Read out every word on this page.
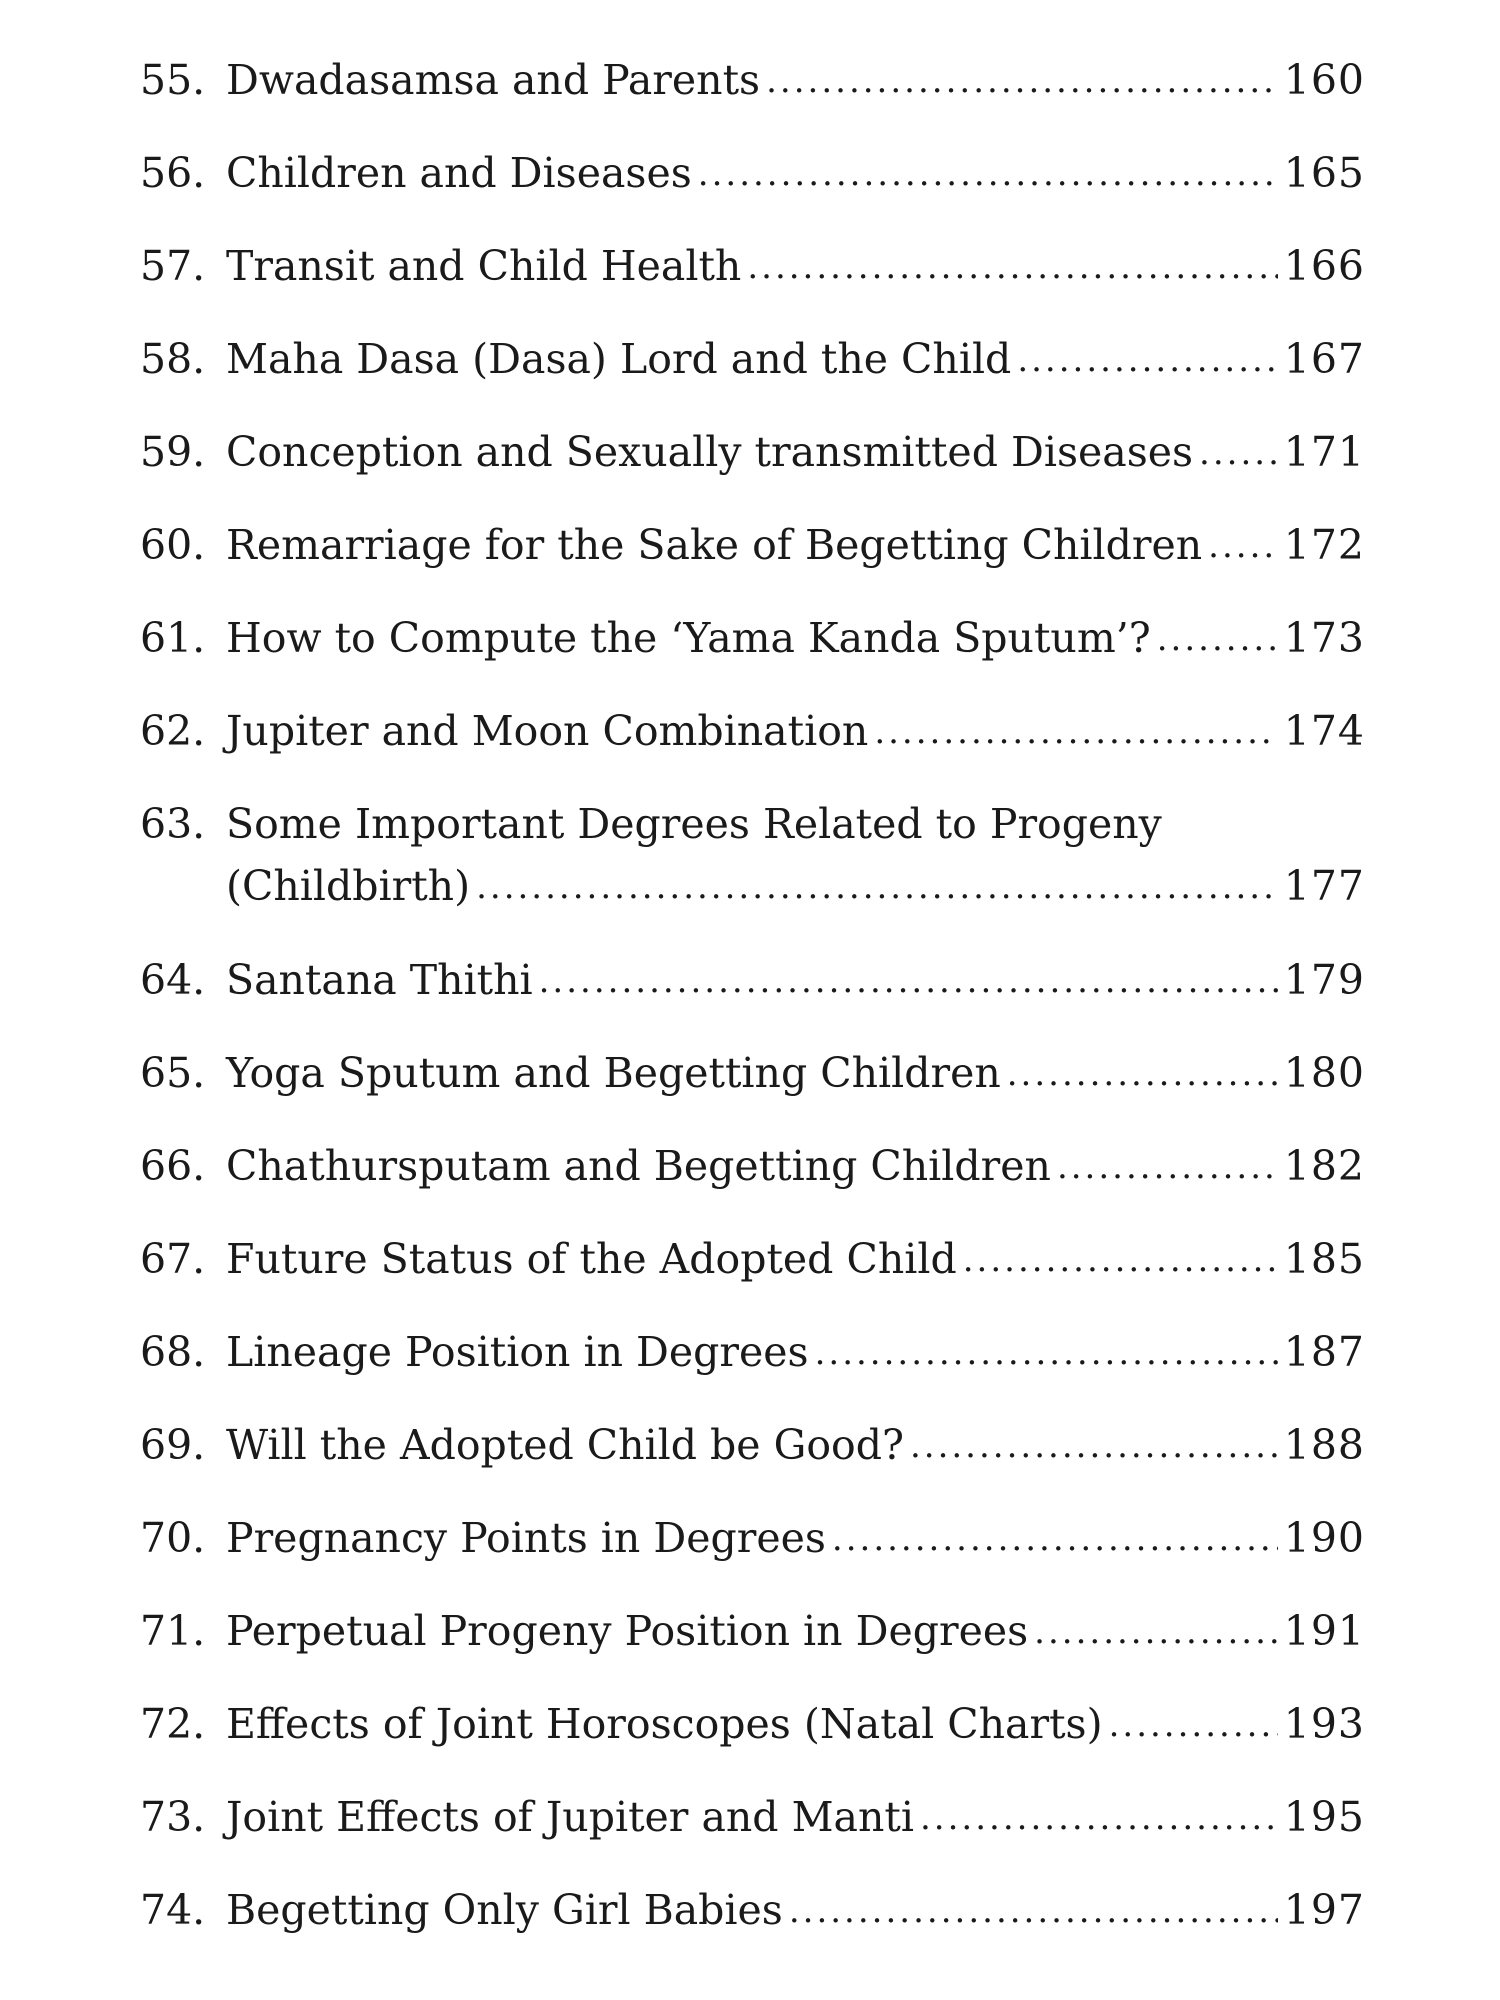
55. Dwadasamsa and Parents .....	160
56. Children and Diseases .....	165
57. Transit and Child Health .....	166
58. Maha Dasa (Dasa) Lord and the Child .....	167
59. Conception and Sexually transmitted Diseases ..... 171
60. Remarriage for the Sake of Begetting Children ..... 172
61. How to Compute the ‘Yama Kanda Sputum’? .....	173
62. Jupiter and Moon Combination .....	174
63. Some Important Degrees Related to Progeny
(Childbirth) .....	177
64. Santana Thithi .....	179
65. Yoga Sputum and Begetting Children .....	180
66. Chathursputam and Begetting Children .....	182
67. Future Status of the Adopted Child .....	185
68. Lineage Position in Degrees .....	187
69. Will the Adopted Child be Good? .....	188
70. Pregnancy Points in Degrees .....	190
71. Perpetual Progeny Position in Degrees .....	191
72. Effects of Joint Horoscopes (Natal Charts) .....	193
73. Joint Effects of Jupiter and Manti .....	195
74. Begetting Only Girl Babies .....	197
